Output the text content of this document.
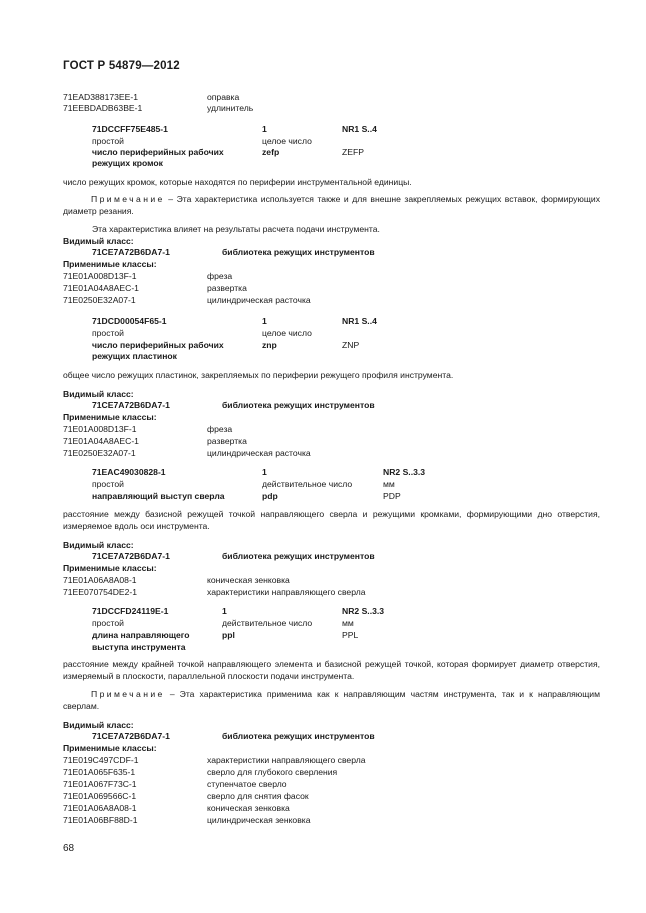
ГОСТ Р 54879—2012
71EAD388173EE-1	оправка
71EEBDADB63BE-1	удлинитель
71DCCFF75E485-1	1	NR1 S..4
простой	целое число
число периферийных рабочих	zefp	ZEFP
режущих кромок
число режущих кромок, которые находятся по периферии инструментальной единицы.
Примечание – Эта характеристика используется также и для внешне закрепляемых режущих вставок, формирующих диаметр резания.
Эта характеристика влияет на результаты расчета подачи инструмента.
Видимый класс:
71CE7A72B6DA7-1	библиотека режущих инструментов
Применимые классы:
71E01A008D13F-1	фреза
71E01A04A8AEC-1	развертка
71E0250E32A07-1	цилиндрическая расточка
71DCD00054F65-1	1	NR1 S..4
простой	целое число
число периферийных рабочих	znp	ZNP
режущих пластинок
общее число режущих пластинок, закрепляемых по периферии режущего профиля инструмента.
Видимый класс:
71CE7A72B6DA7-1	библиотека режущих инструментов
Применимые классы:
71E01A008D13F-1	фреза
71E01A04A8AEC-1	развертка
71E0250E32A07-1	цилиндрическая расточка
71EAC49030828-1	1	NR2 S..3.3
простой	действительное число	мм
направляющий выступ сверла	pdp	PDP
расстояние между базисной режущей точкой направляющего сверла и режущими кромками, формирующими дно отверстия, измеряемое вдоль оси инструмента.
Видимый класс:
71CE7A72B6DA7-1	библиотека режущих инструментов
Применимые классы:
71E01A06A8A08-1	коническая зенковка
71EE070754DE2-1	характеристики направляющего сверла
71DCCFD24119E-1	1	NR2 S..3.3
простой	действительное число	мм
длина направляющего	ppl	PPL
выступа инструмента
расстояние между крайней точкой направляющего элемента и базисной режущей точкой, которая формирует диаметр отверстия, измеряемый в плоскости, параллельной плоскости подачи инструмента.
Примечание – Эта характеристика применима как к направляющим частям инструмента, так и к направляющим сверлам.
Видимый класс:
71CE7A72B6DA7-1	библиотека режущих инструментов
Применимые классы:
71E019C497CDF-1	характеристики направляющего сверла
71E01A065F635-1	сверло для глубокого сверления
71E01A067F73C-1	ступенчатое сверло
71E01A069566C-1	сверло для снятия фасок
71E01A06A8A08-1	коническая зенковка
71E01A06BF88D-1	цилиндрическая зенковка
68
